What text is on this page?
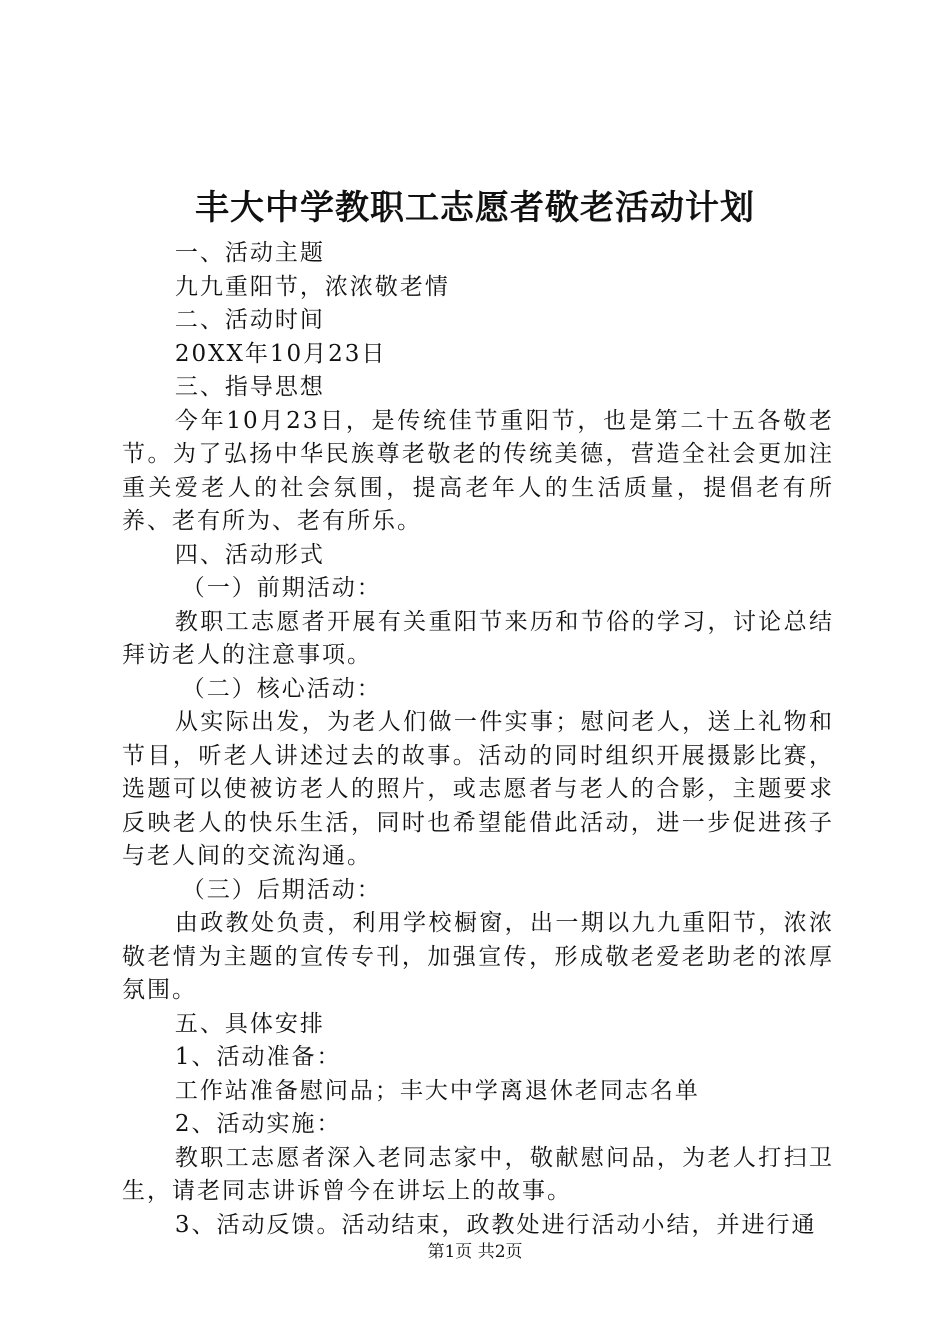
丰大中学教职工志愿者敬老活动计划

一、活动主题

九九重阳节，浓浓敬老情

二、活动时间

20XX年10月23日

三、指导思想

今年10月23日，是传统佳节重阳节，也是第二十五各敬老节。为了弘扬中华民族尊老敬老的传统美德，营造全社会更加注重关爱老人的社会氛围，提高老年人的生活质量，提倡老有所养、老有所为、老有所乐。

四、活动形式

（一）前期活动：

教职工志愿者开展有关重阳节来历和节俗的学习，讨论总结拜访老人的注意事项。

（二）核心活动：

从实际出发，为老人们做一件实事；慰问老人，送上礼物和节目，听老人讲述过去的故事。活动的同时组织开展摄影比赛，选题可以使被访老人的照片，或志愿者与老人的合影，主题要求反映老人的快乐生活，同时也希望能借此活动，进一步促进孩子与老人间的交流沟通。

（三）后期活动：

由政教处负责，利用学校橱窗，出一期以九九重阳节，浓浓敬老情为主题的宣传专刊，加强宣传，形成敬老爱老助老的浓厚氛围。

五、具体安排

1、活动准备：

工作站准备慰问品；丰大中学离退休老同志名单

2、活动实施：

教职工志愿者深入老同志家中，敬献慰问品，为老人打扫卫生，请老同志讲诉曾今在讲坛上的故事。

3、活动反馈。活动结束，政教处进行活动小结，并进行通

第1页 共2页
